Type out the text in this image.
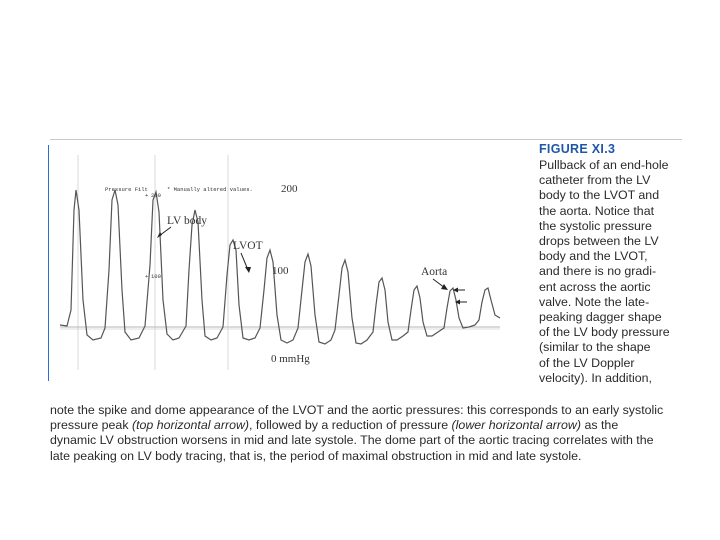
Pressure Filt	* Manually altered values.
200
100
+
+
200
100
0 mmHg
LV body
LVOT
Aorta
FIGURE XI.3
Pullback of an end-hole
catheter from the LV
body to the LVOT and
the aorta. Notice that
the systolic pressure
drops between the LV
body and the LVOT,
and there is no gradi-
ent across the aortic
valve. Note the late-
peaking dagger shape
of the LV body pressure
(similar to the shape
of the LV Doppler
velocity). In addition,
note the spike and dome appearance of the LVOT and the aortic pressures: this corresponds to an early systolic
pressure peak (top horizontal arrow), followed by a reduction of pressure (lower horizontal arrow) as the
dynamic LV obstruction worsens in mid and late systole. The dome part of the aortic tracing correlates with the
late peaking on LV body tracing, that is, the period of maximal obstruction in mid and late systole.
